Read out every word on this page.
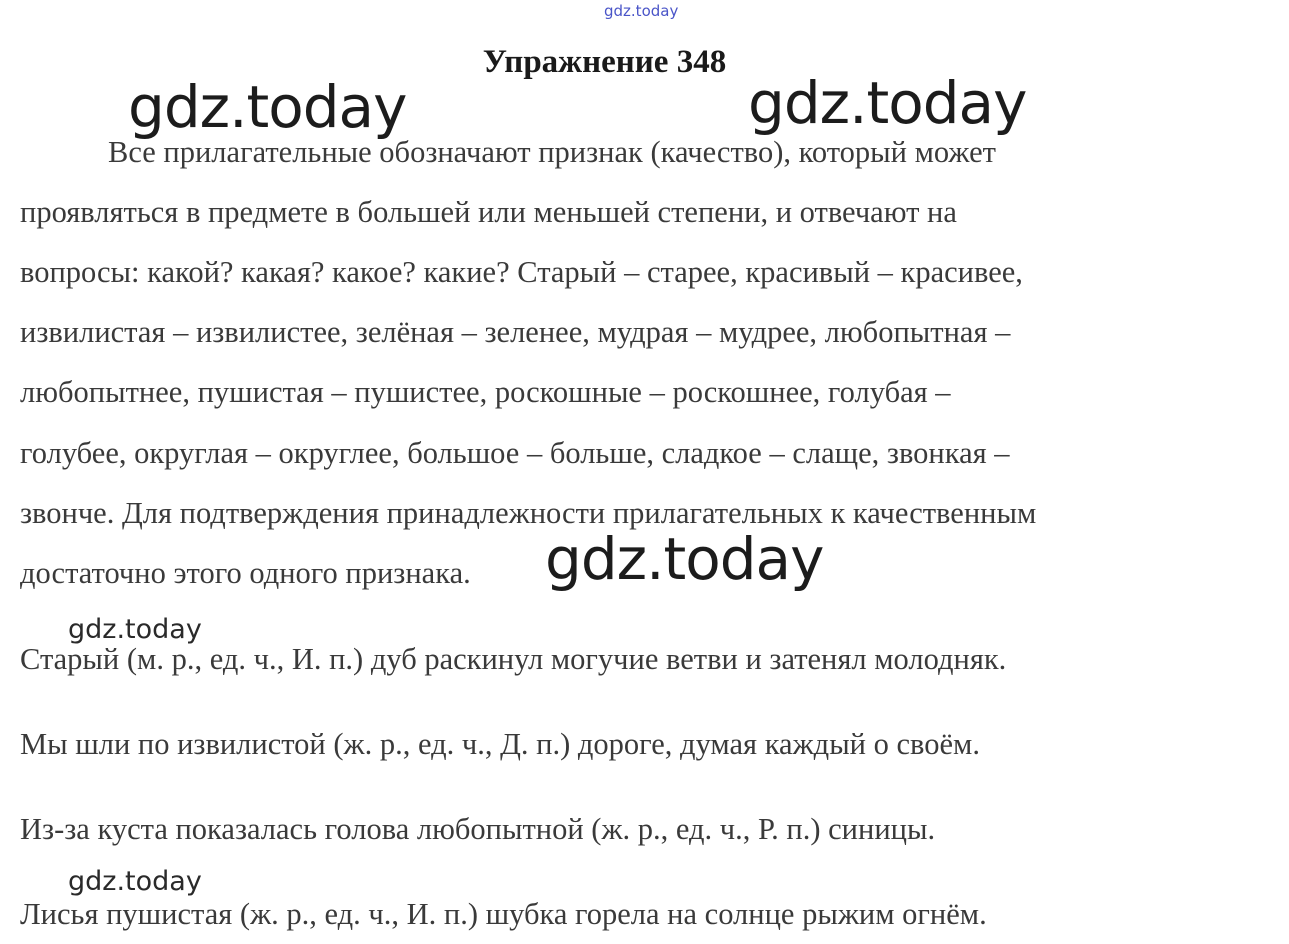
gdz.today
Упражнение 348
gdz.today	gdz.today
Все прилагательные обозначают признак (качество), который может
проявляться в предмете в большей или меньшей степени, и отвечают на
вопросы: какой? какая? какое? какие? Старый – старее, красивый – красивее,
извилистая – извилистее, зелёная – зеленее, мудрая – мудрее, любопытная –
любопытнее, пушистая – пушистее, роскошные – роскошнее, голубая –
голубее, округлая – округлее, большое – больше, сладкое – слаще, звонкая –
звонче. Для подтверждения принадлежности прилагательных к качественным
достаточно этого одного признака. gdz.today
gdz.today
Старый (м. р., ед. ч., И. п.) дуб раскинул могучие ветви и затенял молодняк.
Мы шли по извилистой (ж. р., ед. ч., Д. п.) дороге, думая каждый о своём.
Из-за куста показалась голова любопытной (ж. р., ед. ч., Р. п.) синицы.
gdz.today
Лисья пушистая (ж. р., ед. ч., И. п.) шубка горела на солнце рыжим огнём.
